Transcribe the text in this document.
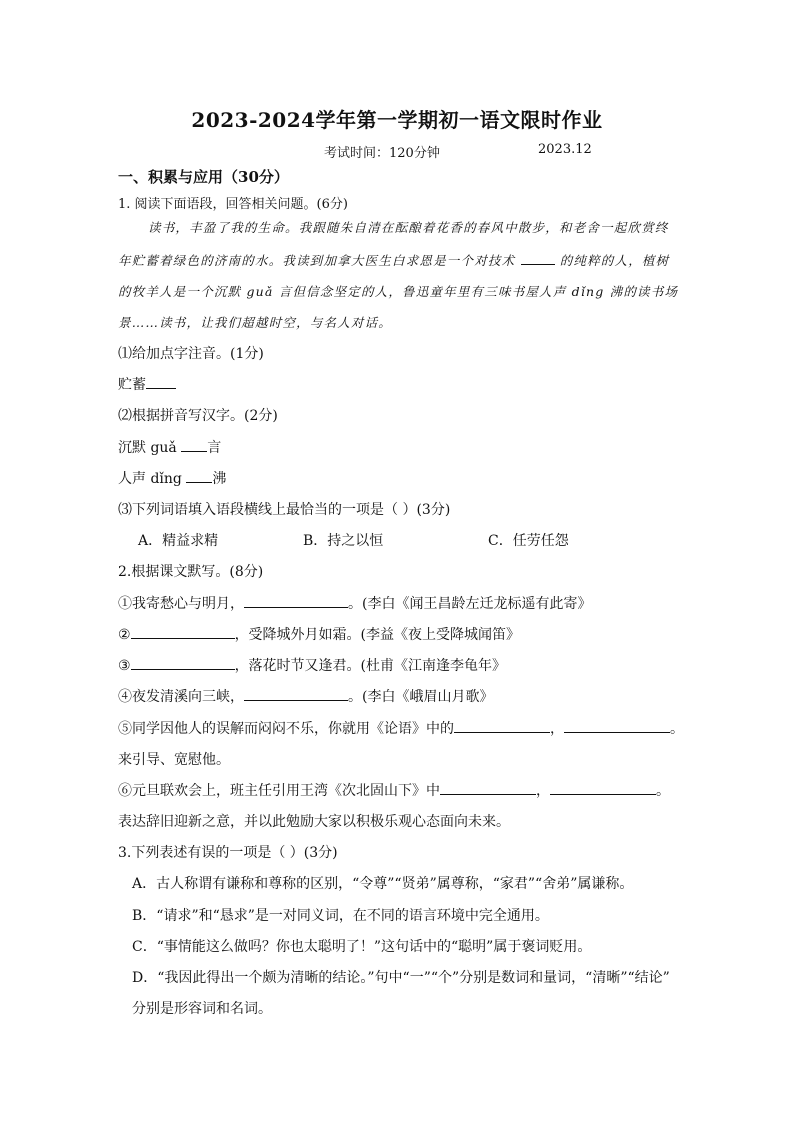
2023-2024学年第一学期初一语文限时作业
考试时间：120分钟	2023.12
一、积累与应用（30分）
1. 阅读下面语段，回答相关问题。(6分)
读书，丰盈了我的生命。我跟随朱自清在酝酿着花香的春风中散步，和老舍一起欣赏终
年贮蓄着绿色的济南的水。我读到加拿大医生白求恩是一个对技术	的纯粹的人，植树
的牧羊人是一个沉默 guǎ 言但信念坚定的人，鲁迅童年里有三味书屋人声 dǐng 沸的读书场
景……读书，让我们超越时空，与名人对话。
⑴给加点字注音。(1分)
贮蓄
⑵根据拼音写汉字。(2分)
沉默 guǎ 言
人声 dǐng 沸
⑶下列词语填入语段横线上最恰当的一项是（ ）(3分)
A．精益求精	B．持之以恒	C．任劳任怨
2.根据课文默写。(8分)
①我寄愁心与明月，	。(李白《闻王昌龄左迁龙标遥有此寄》
②	，受降城外月如霜。(李益《夜上受降城闻笛》
③	，落花时节又逢君。(杜甫《江南逢李龟年》
④夜发清溪向三峡，	。(李白《峨眉山月歌》
⑤同学因他人的误解而闷闷不乐，你就用《论语》中的	，	。
来引导、宽慰他。
⑥元旦联欢会上，班主任引用王湾《次北固山下》中	，	。
表达辞旧迎新之意，并以此勉励大家以积极乐观心态面向未来。
3.下列表述有误的一项是（ ）(3分)
A．古人称谓有谦称和尊称的区别，“令尊”“贤弟”属尊称，“家君”“舍弟”属谦称。
B．“请求”和“恳求”是一对同义词，在不同的语言环境中完全通用。
C．“事情能这么做吗？你也太聪明了！”这句话中的“聪明”属于褒词贬用。
D．“我因此得出一个颇为清晰的结论。”句中“一”“个”分别是数词和量词，“清晰”“结论”
分别是形容词和名词。
